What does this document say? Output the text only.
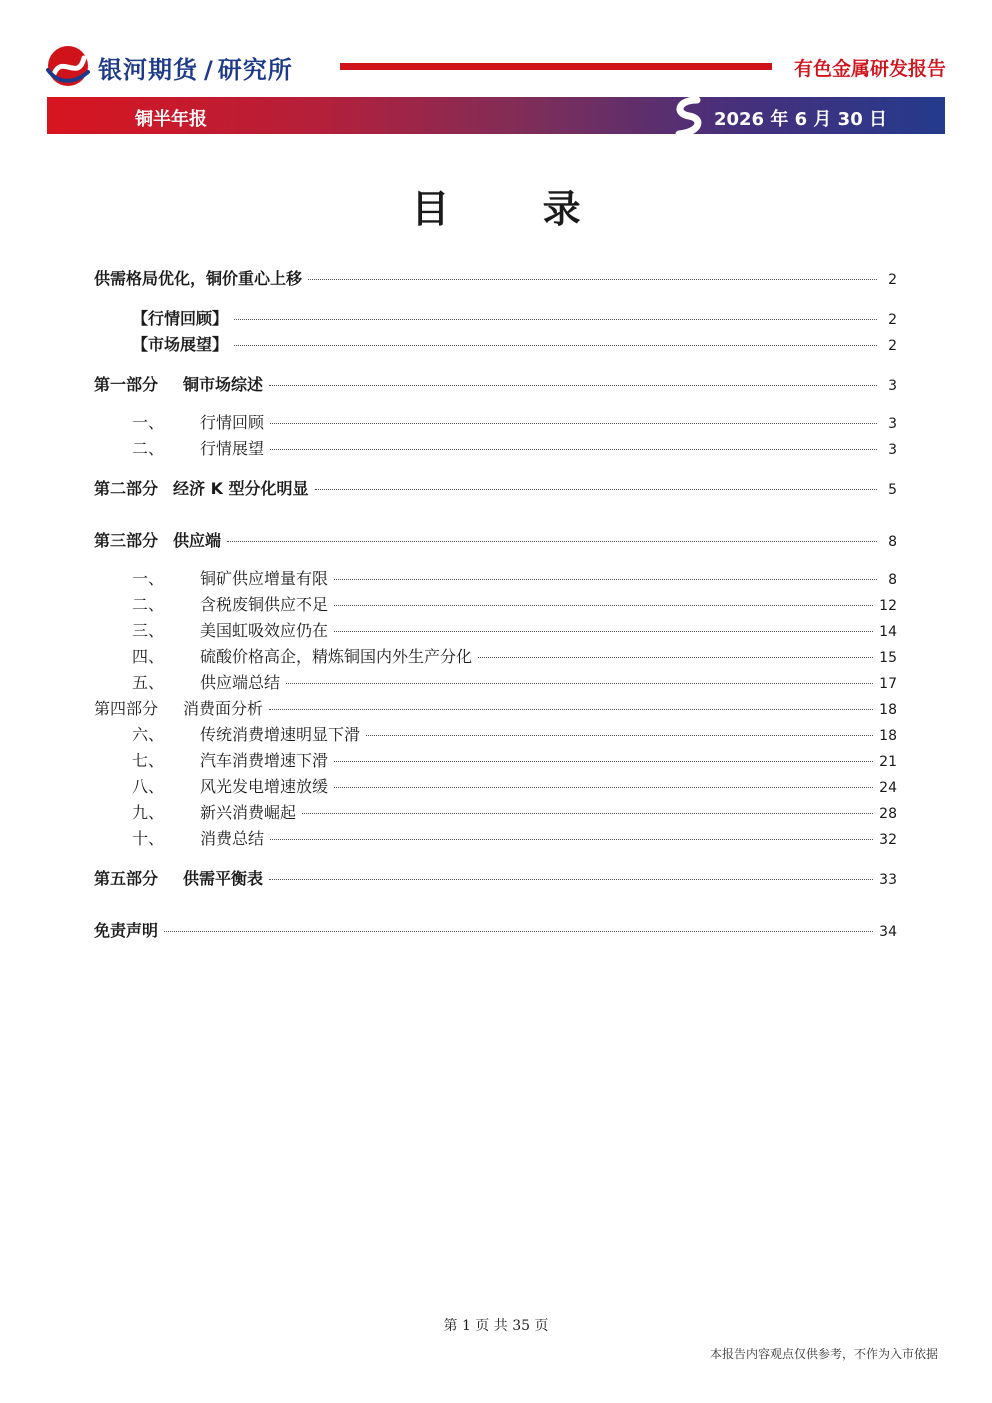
银河期货 / 研究所	有色金属研发报告
铜半年报	2026 年 6 月 30 日
目 录
供需格局优化，铜价重心上移	2
【行情回顾】	2
【市场展望】	2
第一部分	铜市场综述	3
一、	行情回顾	3
二、	行情展望	3
第二部分 经济 K 型分化明显	5
第三部分 供应端	8
一、	铜矿供应增量有限	8
二、	含税废铜供应不足	12
三、	美国虹吸效应仍在	14
四、	硫酸价格高企，精炼铜国内外生产分化	15
五、	供应端总结	17
第四部分	消费面分析	18
六、	传统消费增速明显下滑	18
七、	汽车消费增速下滑	21
八、	风光发电增速放缓	24
九、	新兴消费崛起	28
十、	消费总结	32
第五部分	供需平衡表	33
免责声明	34
第 1 页 共 35 页
本报告内容观点仅供参考，不作为入市依据
